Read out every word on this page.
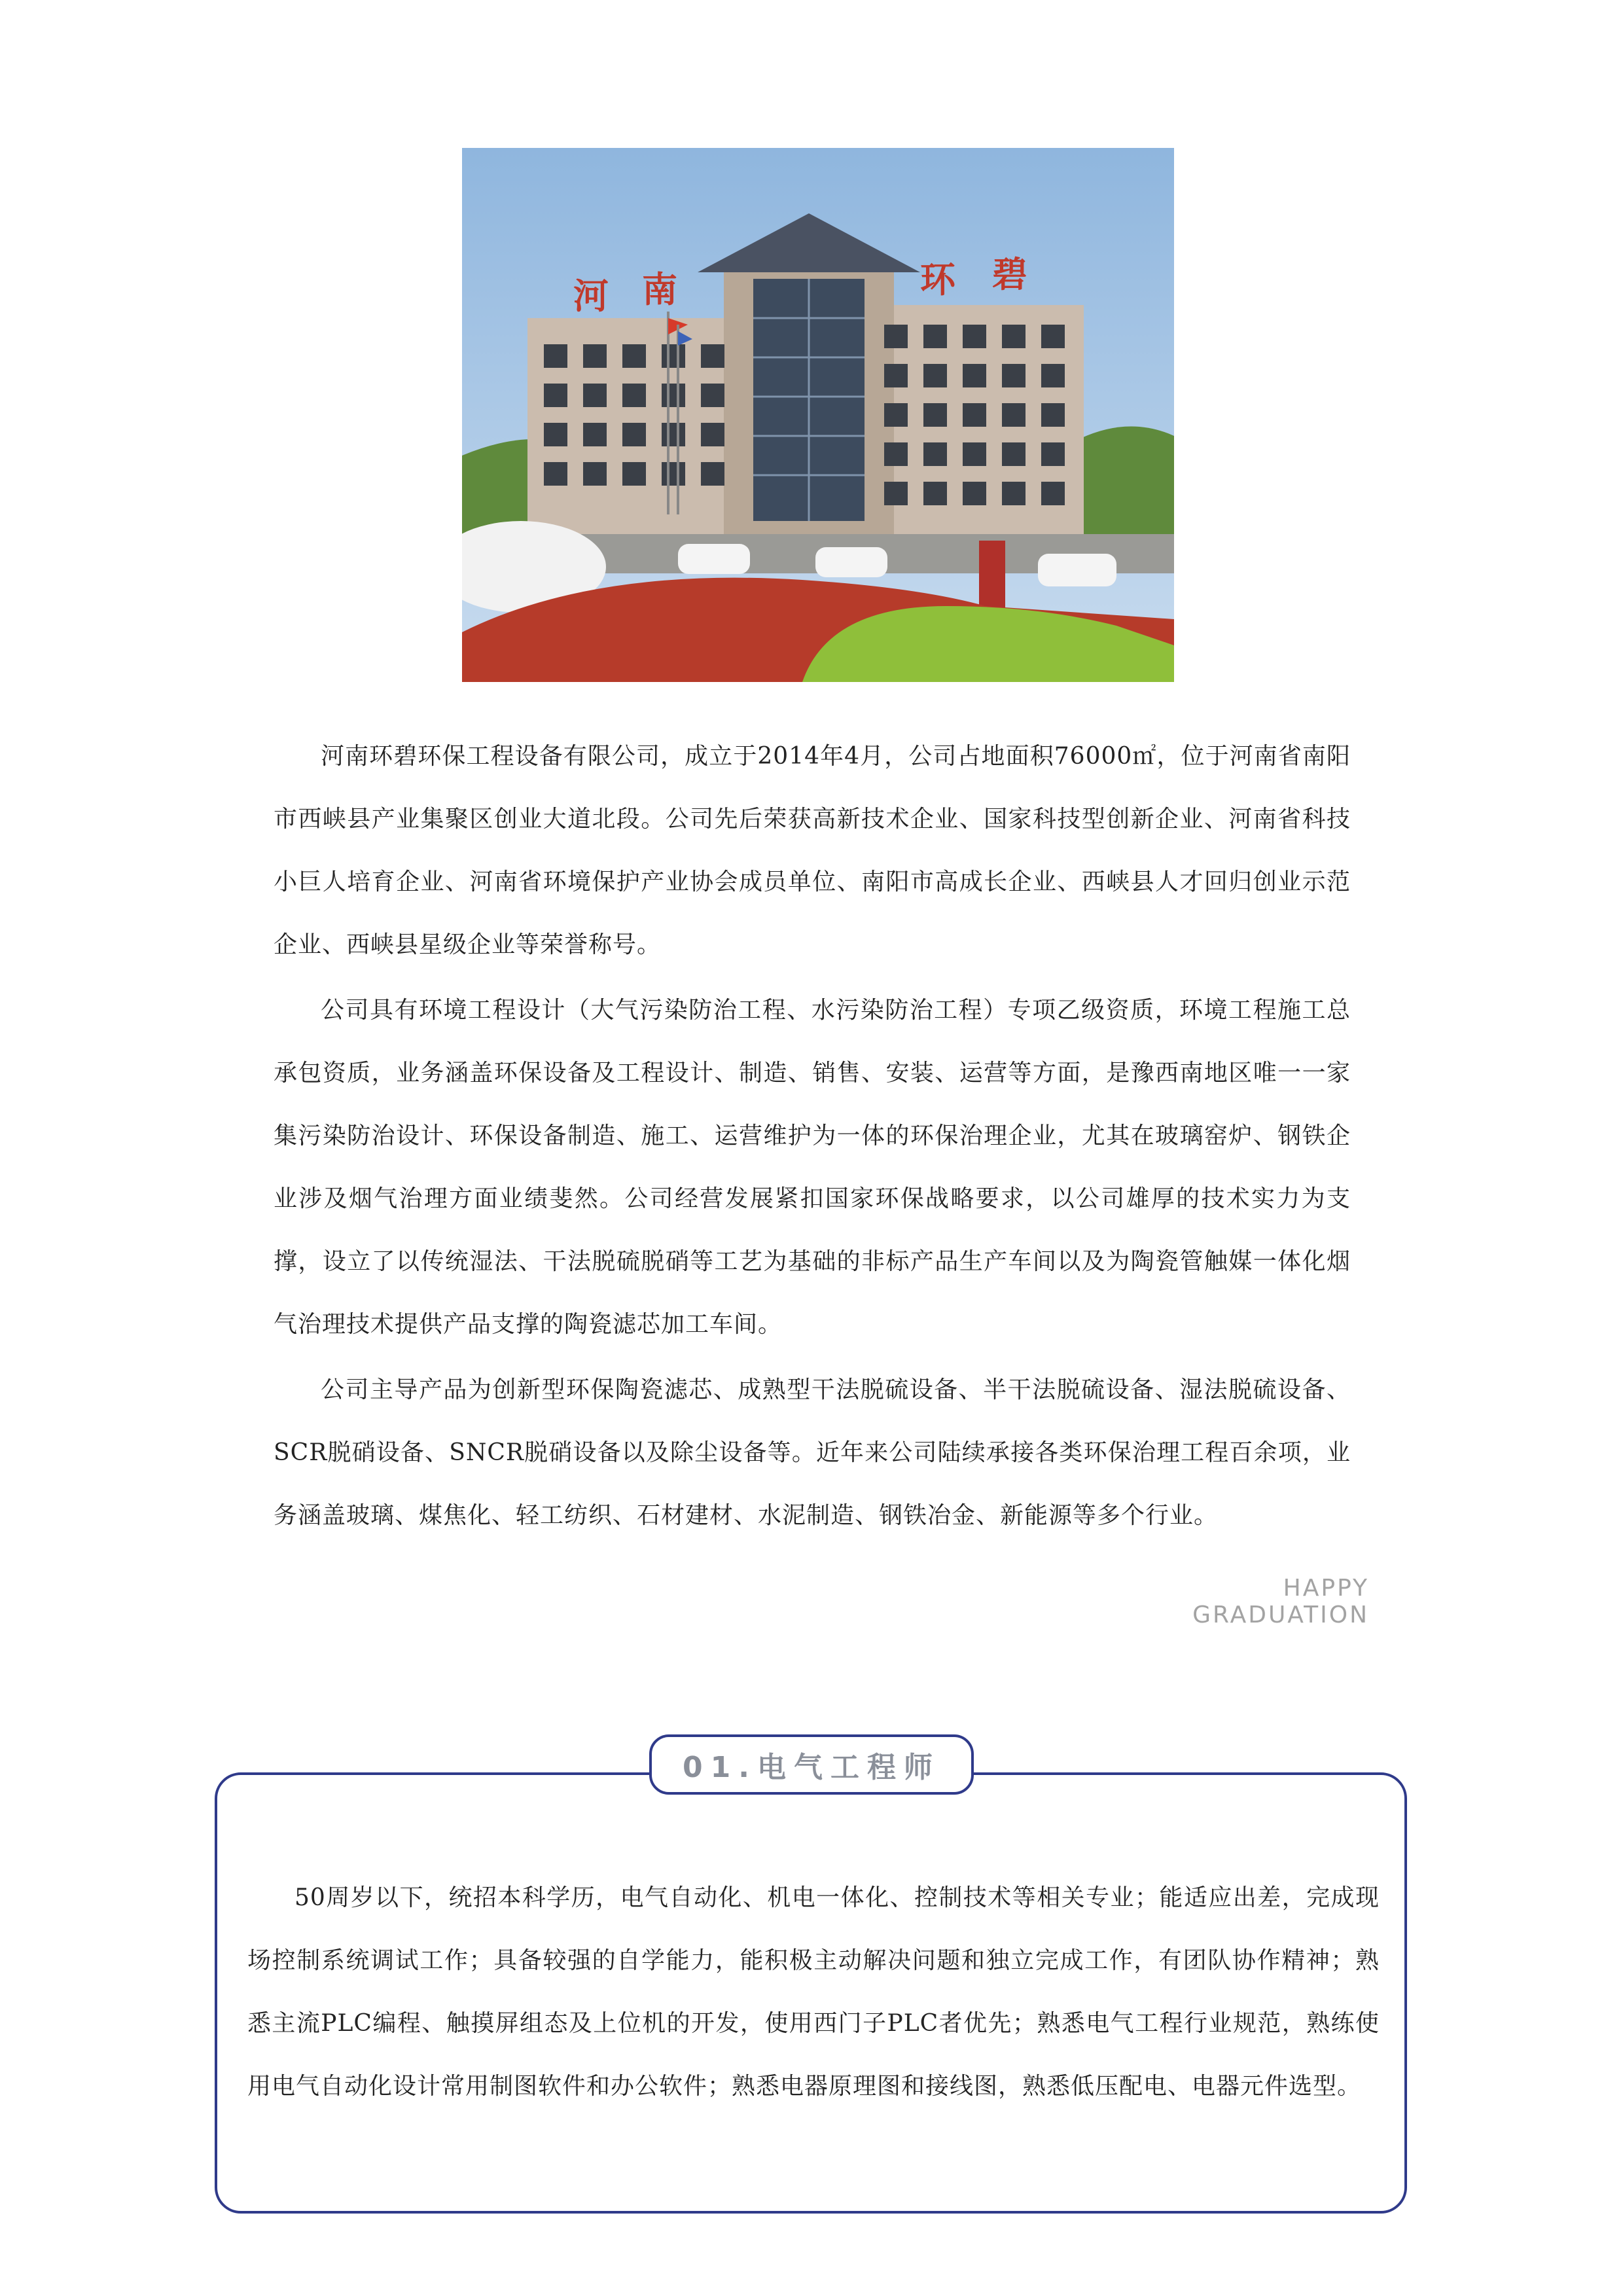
河 南	环 碧

河南环碧环保工程设备有限公司，成立于2014年4月，公司占地面积76000㎡，位于河南省南阳市西峡县产业集聚区创业大道北段。公司先后荣获高新技术企业、国家科技型创新企业、河南省科技小巨人培育企业、河南省环境保护产业协会成员单位、南阳市高成长企业、西峡县人才回归创业示范企业、西峡县星级企业等荣誉称号。

公司具有环境工程设计（大气污染防治工程、水污染防治工程）专项乙级资质，环境工程施工总承包资质，业务涵盖环保设备及工程设计、制造、销售、安装、运营等方面，是豫西南地区唯一一家集污染防治设计、环保设备制造、施工、运营维护为一体的环保治理企业，尤其在玻璃窑炉、钢铁企业涉及烟气治理方面业绩斐然。公司经营发展紧扣国家环保战略要求，以公司雄厚的技术实力为支撑，设立了以传统湿法、干法脱硫脱硝等工艺为基础的非标产品生产车间以及为陶瓷管触媒一体化烟气治理技术提供产品支撑的陶瓷滤芯加工车间。

公司主导产品为创新型环保陶瓷滤芯、成熟型干法脱硫设备、半干法脱硫设备、湿法脱硫设备、SCR脱硝设备、SNCR脱硝设备以及除尘设备等。近年来公司陆续承接各类环保治理工程百余项，业务涵盖玻璃、煤焦化、轻工纺织、石材建材、水泥制造、钢铁冶金、新能源等多个行业。

HAPPY GRADUATION
01.电气工程师

50周岁以下，统招本科学历，电气自动化、机电一体化、控制技术等相关专业；能适应出差，完成现场控制系统调试工作；具备较强的自学能力，能积极主动解决问题和独立完成工作，有团队协作精神；熟悉主流PLC编程、触摸屏组态及上位机的开发，使用西门子PLC者优先；熟悉电气工程行业规范，熟练使用电气自动化设计常用制图软件和办公软件；熟悉电器原理图和接线图，熟悉低压配电、电器元件选型。
